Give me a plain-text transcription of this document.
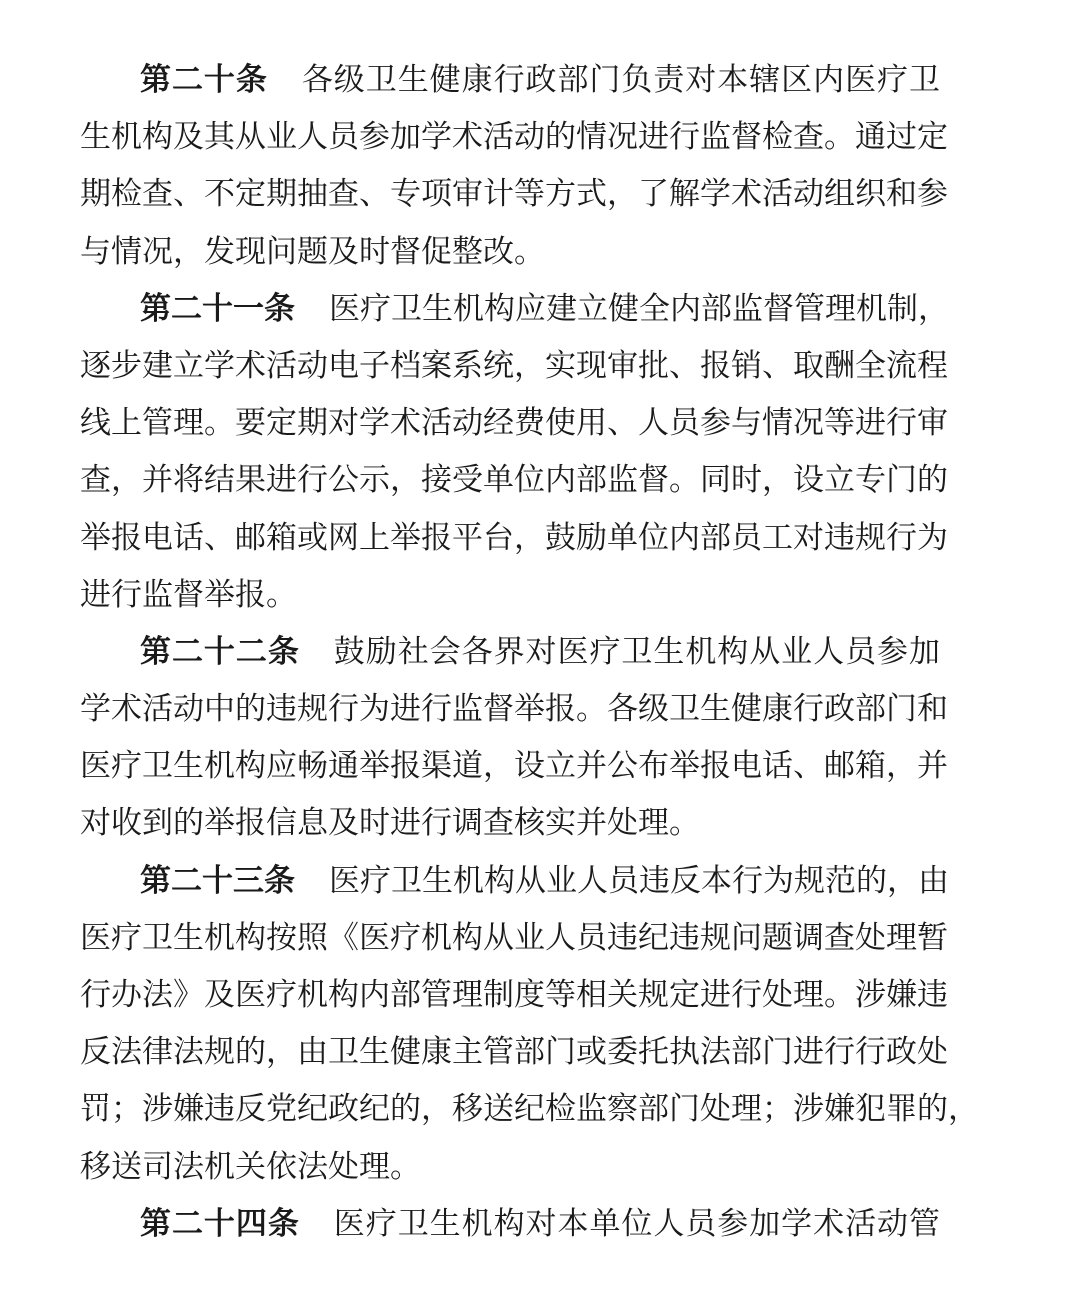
第二十条 各级卫生健康行政部门负责对本辖区内医疗卫
生机构及其从业人员参加学术活动的情况进行监督检查。通过定
期检查、不定期抽查、专项审计等方式，了解学术活动组织和参
与情况，发现问题及时督促整改。
第二十一条 医疗卫生机构应建立健全内部监督管理机制，
逐步建立学术活动电子档案系统，实现审批、报销、取酬全流程
线上管理。要定期对学术活动经费使用、人员参与情况等进行审
查，并将结果进行公示，接受单位内部监督。同时，设立专门的
举报电话、邮箱或网上举报平台，鼓励单位内部员工对违规行为
进行监督举报。
第二十二条 鼓励社会各界对医疗卫生机构从业人员参加
学术活动中的违规行为进行监督举报。各级卫生健康行政部门和
医疗卫生机构应畅通举报渠道，设立并公布举报电话、邮箱，并
对收到的举报信息及时进行调查核实并处理。
第二十三条 医疗卫生机构从业人员违反本行为规范的，由
医疗卫生机构按照《医疗机构从业人员违纪违规问题调查处理暂
行办法》及医疗机构内部管理制度等相关规定进行处理。涉嫌违
反法律法规的，由卫生健康主管部门或委托执法部门进行行政处
罚；涉嫌违反党纪政纪的，移送纪检监察部门处理；涉嫌犯罪的，
移送司法机关依法处理。
第二十四条 医疗卫生机构对本单位人员参加学术活动管
